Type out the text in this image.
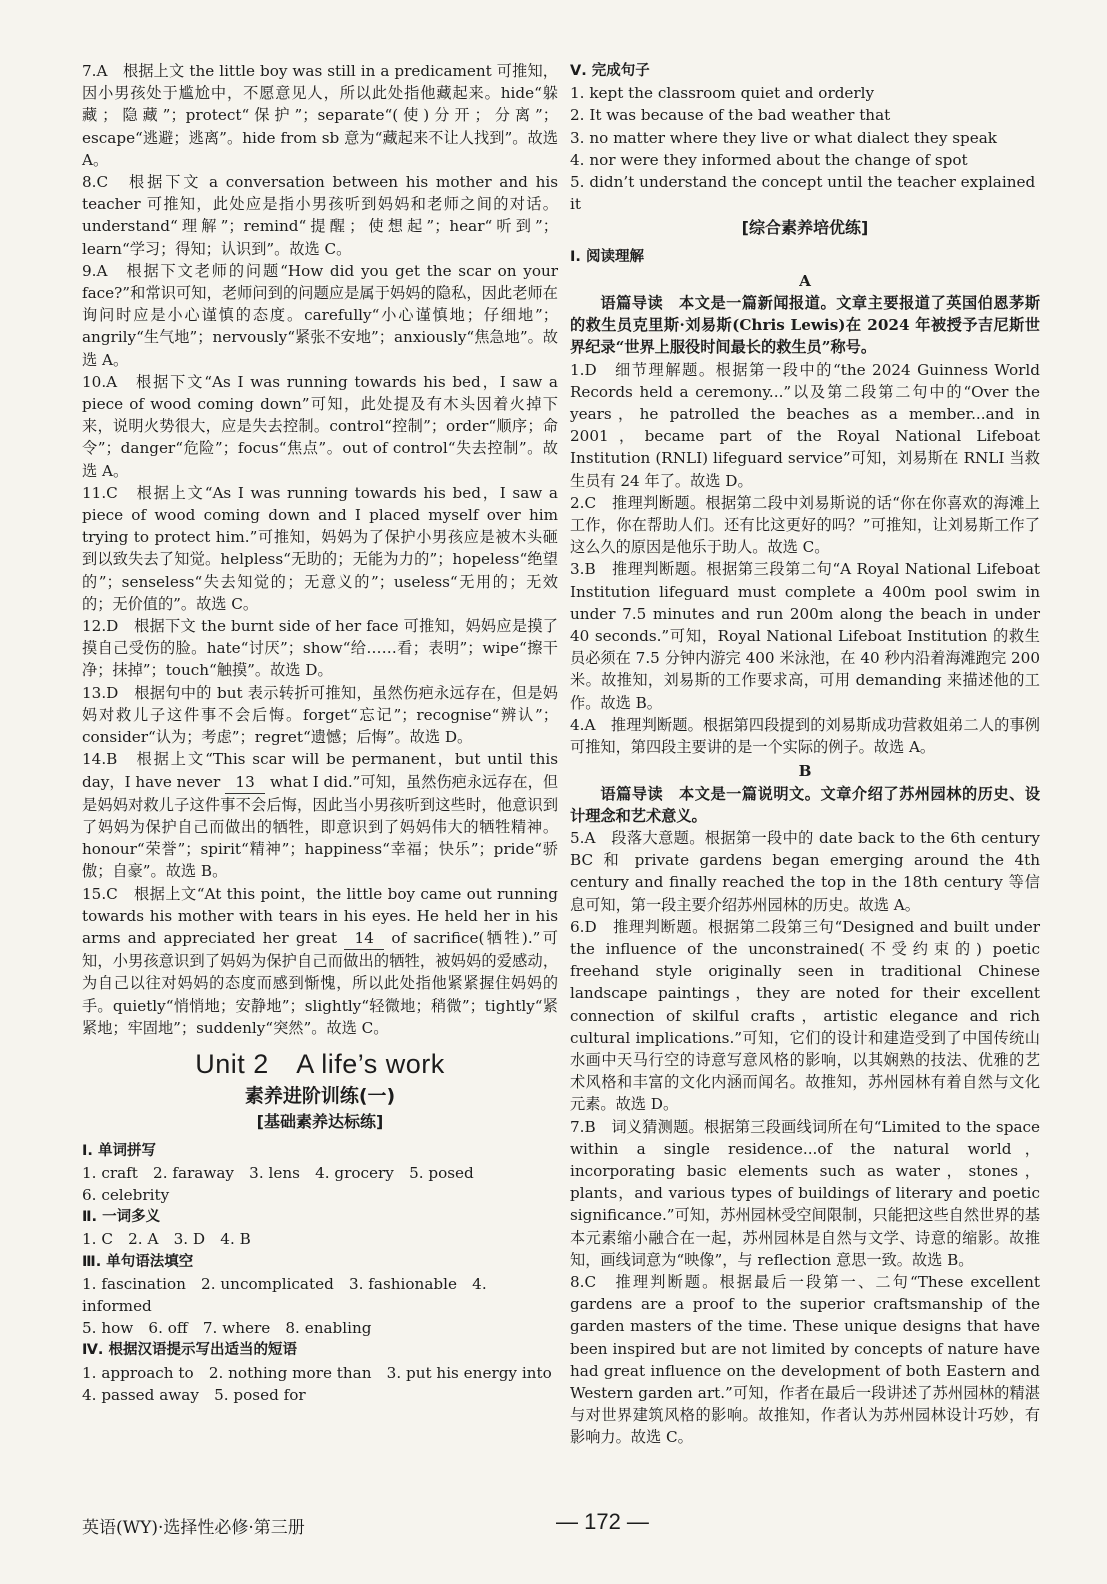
7.A　根据上文 the little boy was still in a predicament 可推知，因小男孩处于尴尬中，不愿意见人，所以此处指他藏起来。hide“躲藏；隐藏”；protect“保护”；separate“(使)分开；分离”；escape“逃避；逃离”。hide from sb 意为“藏起来不让人找到”。故选 A。

8.C　根据下文 a conversation between his mother and his teacher 可推知，此处应是指小男孩听到妈妈和老师之间的对话。understand“理解”；remind“提醒；使想起”；hear“听到”；learn“学习；得知；认识到”。故选 C。

9.A　根据下文老师的问题“How did you get the scar on your face?”和常识可知，老师问到的问题应是属于妈妈的隐私，因此老师在询问时应是小心谨慎的态度。carefully“小心谨慎地；仔细地”；angrily“生气地”；nervously“紧张不安地”；anxiously“焦急地”。故选 A。

10.A　根据下文“As I was running towards his bed，I saw a piece of wood coming down”可知，此处提及有木头因着火掉下来，说明火势很大，应是失去控制。control“控制”；order“顺序；命令”；danger“危险”；focus“焦点”。out of control“失去控制”。故选 A。

11.C　根据上文“As I was running towards his bed，I saw a piece of wood coming down and I placed myself over him trying to protect him.”可推知，妈妈为了保护小男孩应是被木头砸到以致失去了知觉。helpless“无助的；无能为力的”；hopeless“绝望的”；senseless“失去知觉的；无意义的”；useless“无用的；无效的；无价值的”。故选 C。

12.D　根据下文 the burnt side of her face 可推知，妈妈应是摸了摸自己受伤的脸。hate“讨厌”；show“给……看；表明”；wipe“擦干净；抹掉”；touch“触摸”。故选 D。

13.D　根据句中的 but 表示转折可推知，虽然伤疤永远存在，但是妈妈对救儿子这件事不会后悔。forget“忘记”；recognise“辨认”；consider“认为；考虑”；regret“遗憾；后悔”。故选 D。

14.B　根据上文“This scar will be permanent，but until this day，I have never 13 what I did.”可知，虽然伤疤永远存在，但是妈妈对救儿子这件事不会后悔，因此当小男孩听到这些时，他意识到了妈妈为保护自己而做出的牺牲，即意识到了妈妈伟大的牺牲精神。honour“荣誉”；spirit“精神”；happiness“幸福；快乐”；pride“骄傲；自豪”。故选 B。

15.C　根据上文“At this point，the little boy came out running towards his mother with tears in his eyes. He held her in his arms and appreciated her great 14 of sacrifice(牺牲).”可知，小男孩意识到了妈妈为保护自己而做出的牺牲，被妈妈的爱感动，为自己以往对妈妈的态度而感到惭愧，所以此处指他紧紧握住妈妈的手。quietly“悄悄地；安静地”；slightly“轻微地；稍微”；tightly“紧紧地；牢固地”；suddenly“突然”。故选 C。

Unit 2　A life’s work
素养进阶训练(一)
[基础素养达标练]

Ⅰ. 单词拼写

1. craft　2. faraway　3. lens　4. grocery　5. posed

6. celebrity

Ⅱ. 一词多义

1. C　2. A　3. D　4. B

Ⅲ. 单句语法填空

1. fascination　2. uncomplicated　3. fashionable　4. informed

5. how　6. off　7. where　8. enabling

Ⅳ. 根据汉语提示写出适当的短语

1. approach to　2. nothing more than　3. put his energy into

4. passed away　5. posed for

Ⅴ. 完成句子

1. kept the classroom quiet and orderly

2. It was because of the bad weather that

3. no matter where they live or what dialect they speak

4. nor were they informed about the change of spot

5. didn’t understand the concept until the teacher explained it

[综合素养培优练]

Ⅰ. 阅读理解

A

语篇导读　 本文是一篇新闻报道。文章主要报道了英国伯恩茅斯的救生员克里斯·刘易斯(Chris Lewis)在 2024 年被授予吉尼斯世界纪录“世界上服役时间最长的救生员”称号。

1.D　细节理解题。根据第一段中的“the 2024 Guinness World Records held a ceremony...”以及第二段第二句中的“Over the years，he patrolled the beaches as a member...and in 2001，became part of the Royal National Lifeboat Institution (RNLI) lifeguard service”可知，刘易斯在 RNLI 当救生员有 24 年了。故选 D。

2.C　推理判断题。根据第二段中刘易斯说的话“你在你喜欢的海滩上工作，你在帮助人们。还有比这更好的吗？”可推知，让刘易斯工作了这么久的原因是他乐于助人。故选 C。

3.B　推理判断题。根据第三段第二句“A Royal National Lifeboat Institution lifeguard must complete a 400m pool swim in under 7.5 minutes and run 200m along the beach in under 40 seconds.”可知，Royal National Lifeboat Institution 的救生员必须在 7.5 分钟内游完 400 米泳池，在 40 秒内沿着海滩跑完 200 米。故推知，刘易斯的工作要求高，可用 demanding 来描述他的工作。故选 B。

4.A　推理判断题。根据第四段提到的刘易斯成功营救姐弟二人的事例可推知，第四段主要讲的是一个实际的例子。故选 A。

B

语篇导读　 本文是一篇说明文。文章介绍了苏州园林的历史、设计理念和艺术意义。

5.A　段落大意题。根据第一段中的 date back to the 6th century BC 和 private gardens began emerging around the 4th century and finally reached the top in the 18th century 等信息可知，第一段主要介绍苏州园林的历史。故选 A。

6.D　推理判断题。根据第二段第三句“Designed and built under the influence of the unconstrained(不受约束的) poetic freehand style originally seen in traditional Chinese landscape paintings，they are noted for their excellent connection of skilful crafts，artistic elegance and rich cultural implications.”可知，它们的设计和建造受到了中国传统山水画中天马行空的诗意写意风格的影响，以其娴熟的技法、优雅的艺术风格和丰富的文化内涵而闻名。故推知，苏州园林有着自然与文化元素。故选 D。

7.B　词义猜测题。根据第三段画线词所在句“Limited to the space within a single residence...of the natural world，incorporating basic elements such as water，stones，plants，and various types of buildings of literary and poetic significance.”可知，苏州园林受空间限制，只能把这些自然世界的基本元素缩小融合在一起，苏州园林是自然与文学、诗意的缩影。故推知，画线词意为“映像”，与 reflection 意思一致。故选 B。

8.C　推理判断题。根据最后一段第一、二句“These excellent gardens are a proof to the superior craftsmanship of the garden masters of the time. These unique designs that have been inspired but are not limited by concepts of nature have had great influence on the development of both Eastern and Western garden art.”可知，作者在最后一段讲述了苏州园林的精湛与对世界建筑风格的影响。故推知，作者认为苏州园林设计巧妙，有影响力。故选 C。

英语(WY)·选择性必修·第三册	— 172 —
